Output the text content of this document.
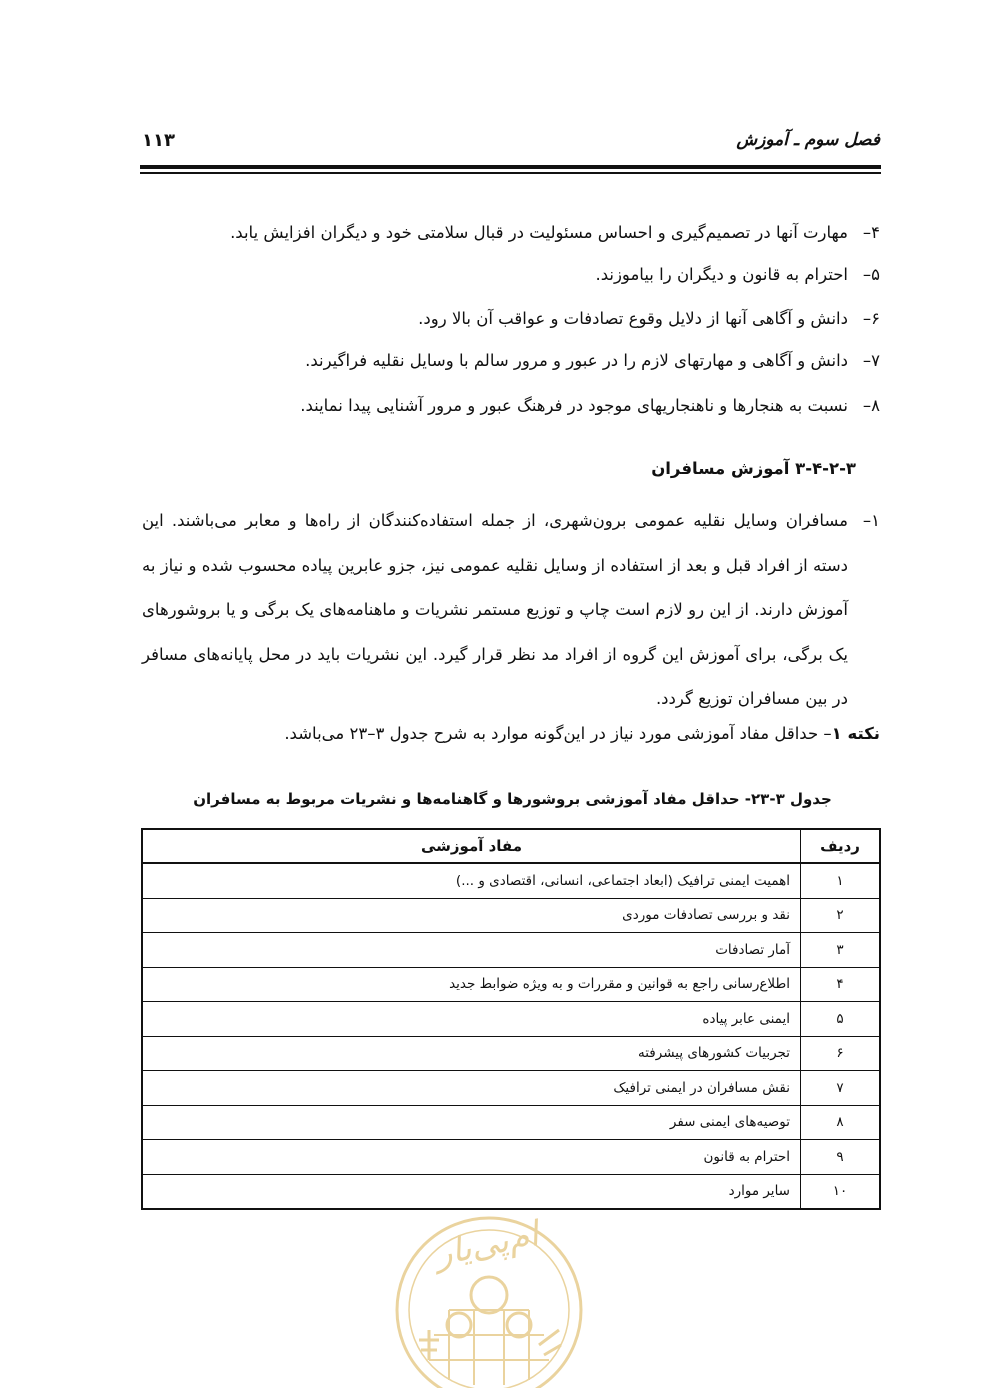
فصل سوم ـ آموزش
۱۱۳
۴–مهارت آنها در تصمیم‌گیری و احساس مسئولیت در قبال سلامتی خود و دیگران افزایش یابد.
۵–احترام به قانون و دیگران را بیاموزند.
۶–دانش و آگاهی آنها از دلایل وقوع تصادفات و عواقب آن بالا رود.
۷–دانش و آگاهی و مهارتهای لازم را در عبور و مرور سالم با وسایل نقلیه فراگیرند.
۸–نسبت به هنجارها و ناهنجاریهای موجود در فرهنگ عبور و مرور آشنایی پیدا نمایند.
۳-۴-۲-۳ آموزش مسافران
۱–
مسافران وسایل نقلیه عمومی برون‌شهری، از جمله استفاده‌کنندگان از راه‌ها و معابر می‌باشند. این دسته از افراد قبل و بعد از استفاده از وسایل نقلیه عمومی نیز، جزو عابرین پیاده محسوب شده و نیاز به آموزش دارند. از این رو لازم است چاپ و توزیع مستمر نشریات و ماهنامه‌های یک برگی و یا بروشورهای یک برگی، برای آموزش این گروه از افراد مد نظر قرار گیرد. این نشریات باید در محل پایانه‌های مسافر در بین مسافران توزیع گردد.
نکته ۱– حداقل مفاد آموزشی مورد نیاز در این‌گونه موارد به شرح جدول ۳–۲۳ می‌باشد.
جدول ۳-۲۳- حداقل مفاد آموزشی بروشورها و گاهنامه‌ها و نشریات مربوط به مسافران
ردیف	مفاد آموزشی
۱	اهمیت ایمنی ترافیک (ابعاد اجتماعی، انسانی، اقتصادی و ...)
۲	نقد و بررسی تصادفات موردی
۳	آمار تصادفات
۴	اطلاع‌رسانی راجع به قوانین و مقررات و به ویژه ضوابط جدید
۵	ایمنی عابر پیاده
۶	تجربیات کشورهای پیشرفته
۷	نقش مسافران در ایمنی ترافیک
۸	توصیه‌های ایمنی سفر
۹	احترام به قانون
۱۰	سایر موارد
ام‌پی‌یار
